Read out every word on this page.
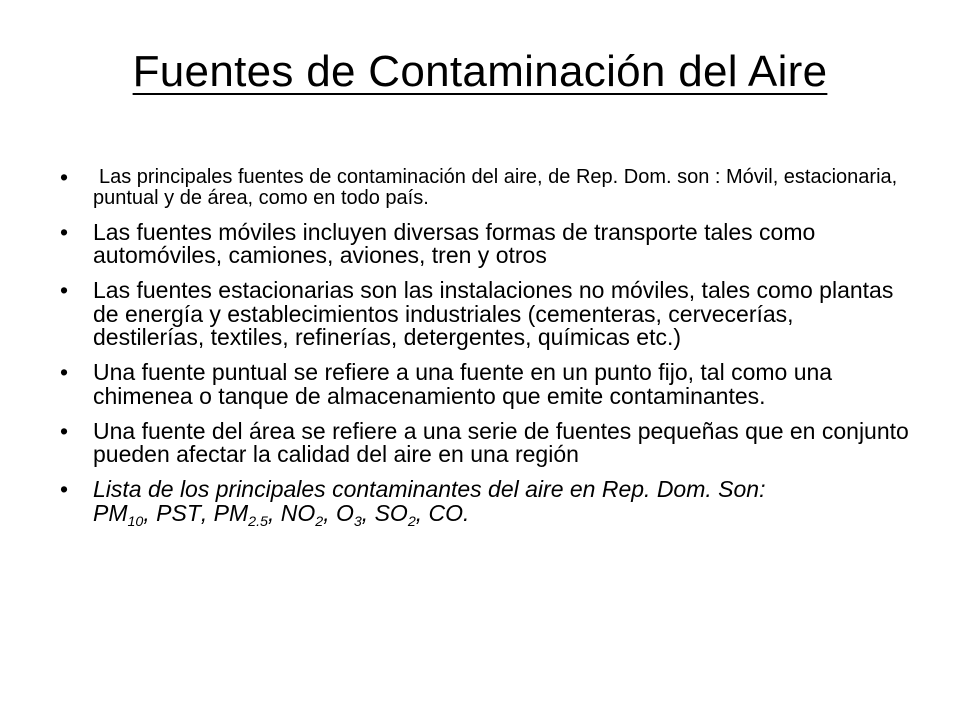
Fuentes de Contaminación del Aire
• Las principales fuentes de contaminación del aire, de Rep. Dom. son : Móvil, estacionaria, puntual y de área, como en todo país.
• Las fuentes móviles incluyen diversas formas de transporte tales como automóviles, camiones, aviones, tren y otros
• Las fuentes estacionarias son las instalaciones no móviles, tales como plantas de energía y establecimientos industriales (cementeras, cervecerías, destilerías, textiles, refinerías, detergentes, químicas etc.)
• Una fuente puntual se refiere a una fuente en un punto fijo, tal como una chimenea o tanque de almacenamiento que emite contaminantes.
• Una fuente del área se refiere a una serie de fuentes pequeñas que en conjunto pueden afectar la calidad del aire en una región
• Lista de los principales contaminantes del aire en Rep. Dom. Son:
$PM_{10}$, PST, $PM_{2.5}$, $NO_2$, $O_3$, $SO_2$, CO.
